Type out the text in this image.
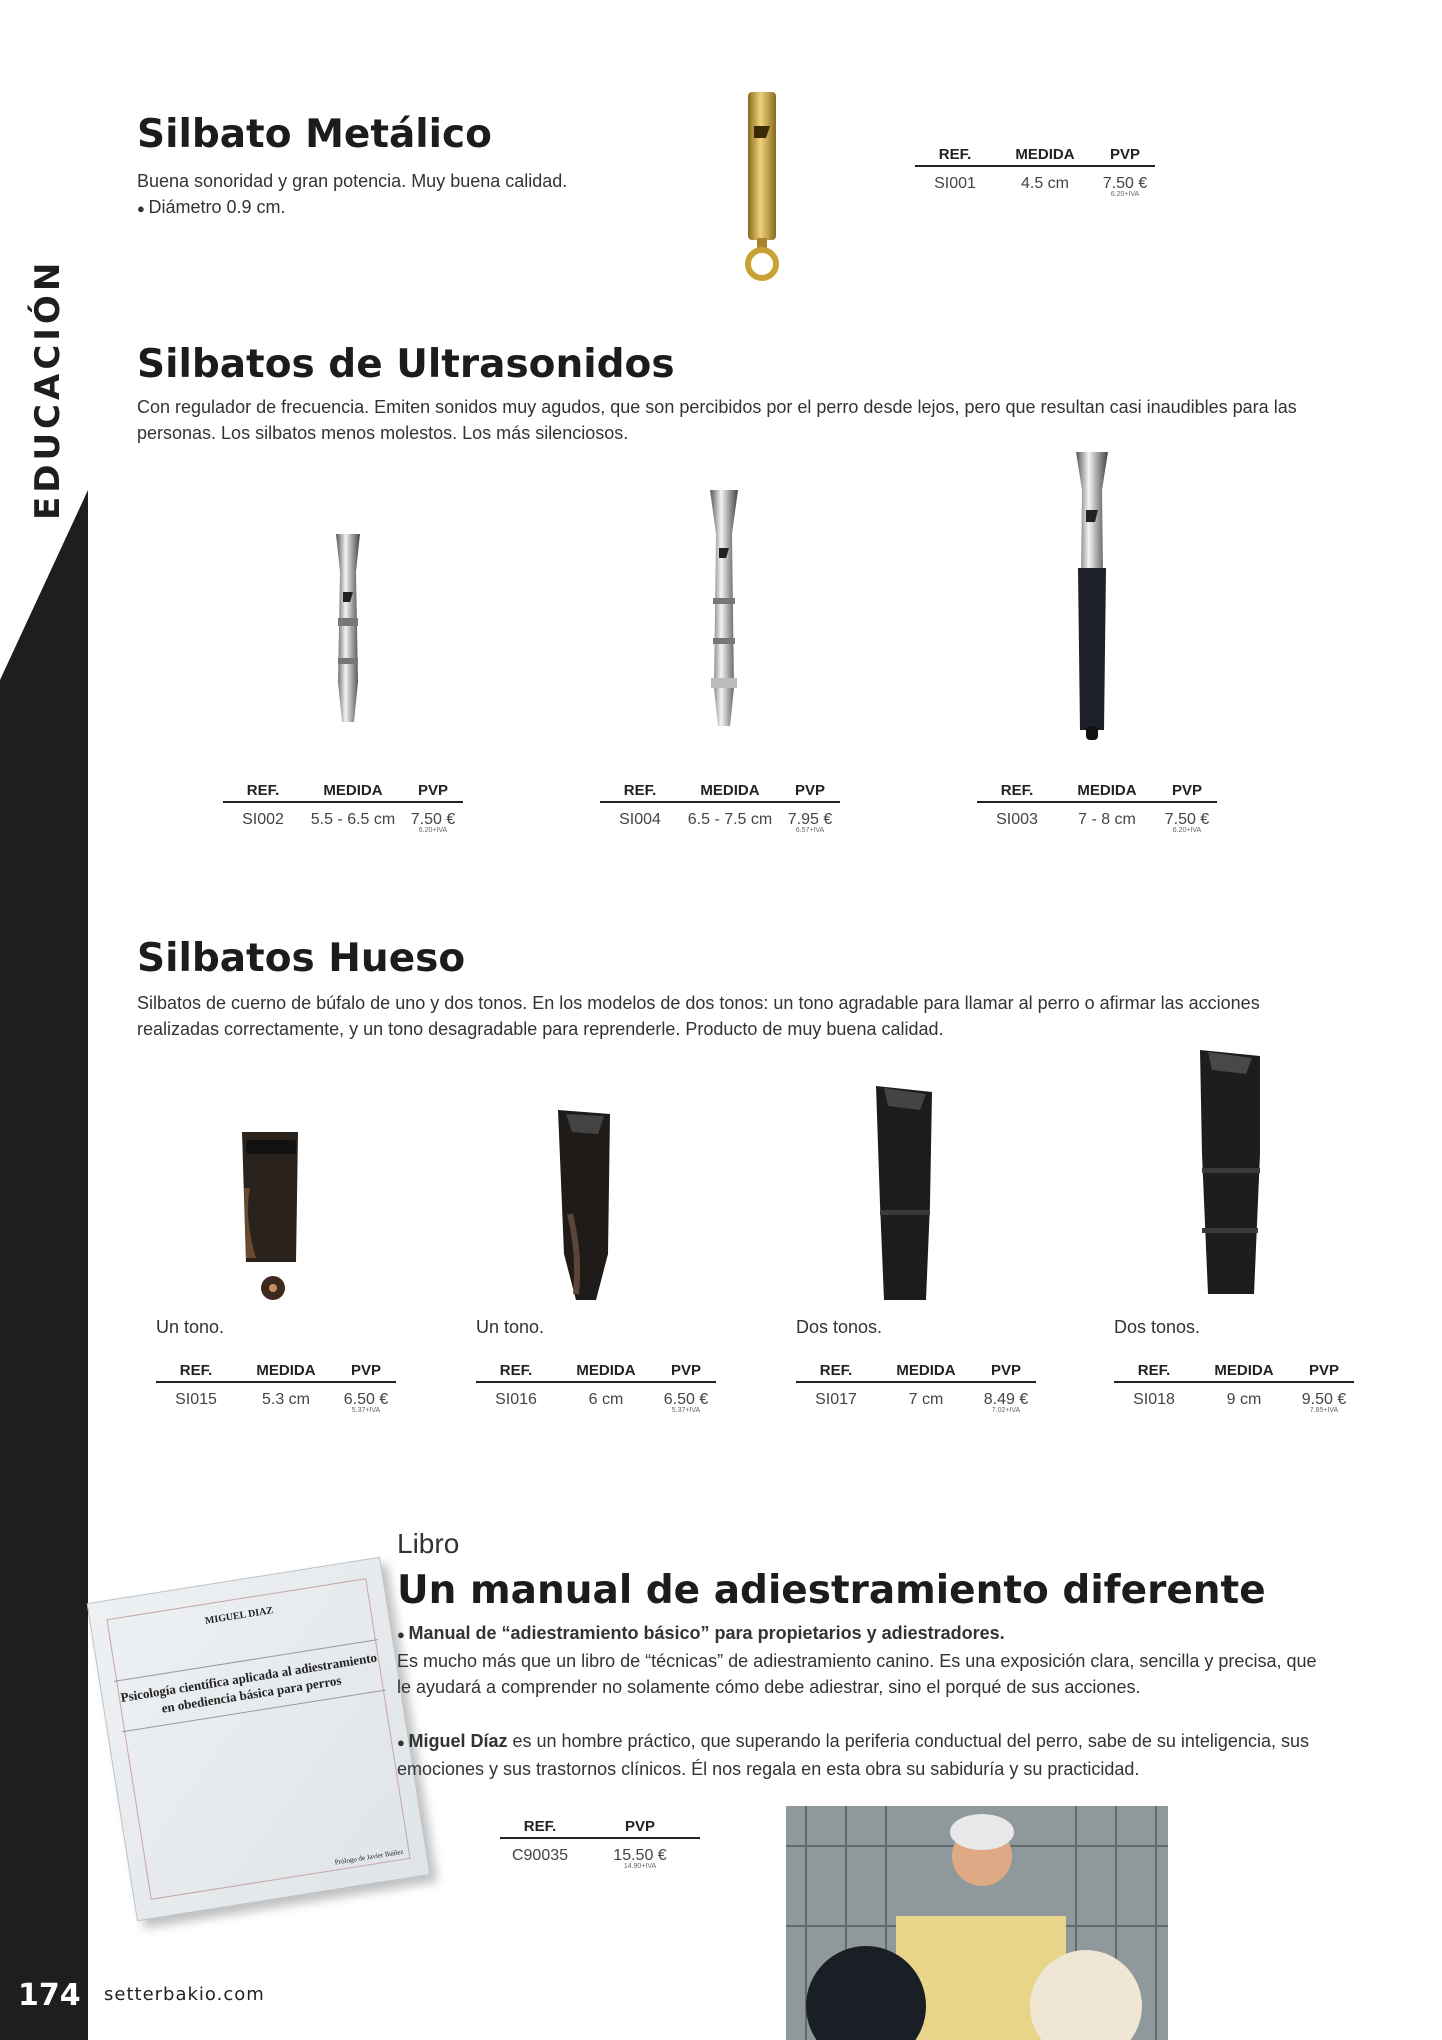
EDUCACIÓN
174 setterbakio.com
Silbato Metálico
Buena sonoridad y gran potencia. Muy buena calidad.
● Diámetro 0.9 cm.
REF.	MEDIDA	PVP
SI001	4.5 cm	7.50 €
6.20+IVA
Silbatos de Ultrasonidos
Con regulador de frecuencia. Emiten sonidos muy agudos, que son percibidos por el perro desde lejos, pero que resultan casi inaudibles para las personas. Los silbatos menos molestos. Los más silenciosos.
REF.	MEDIDA	PVP
SI002	5.5 - 6.5 cm 7.50 €
6.20+IVA
REF.	MEDIDA	PVP
SI004	6.5 - 7.5 cm 7.95 €
6.57+IVA
REF.	MEDIDA	PVP
SI003	7 - 8 cm	7.50 €
6.20+IVA
Silbatos Hueso
Silbatos de cuerno de búfalo de uno y dos tonos. En los modelos de dos tonos: un tono agradable para llamar al perro o afirmar las acciones realizadas correctamente, y un tono desagradable para reprenderle. Producto de muy buena calidad.
Un tono.	Un tono.	Dos tonos.	Dos tonos.
REF.	MEDIDA	PVP
SI015	5.3 cm	6.50 €
5.37+IVA
REF.	MEDIDA	PVP
SI016	6 cm	6.50 €
5.37+IVA
REF.	MEDIDA	PVP
SI017	7 cm	8.49 €
7.02+IVA
REF.	MEDIDA	PVP
SI018	9 cm	9.50 €
7.85+IVA
MIGUEL DIAZ
Psicología científica aplicada al adiestramiento en obediencia básica para perros
Prólogo de Javier Ibáñez
Libro
Un manual de adiestramiento diferente
● Manual de “adiestramiento básico” para propietarios y adiestradores.
Es mucho más que un libro de “técnicas” de adiestramiento canino. Es una exposición clara, sencilla y precisa, que le ayudará a comprender no solamente cómo debe adiestrar, sino el porqué de sus acciones.
● Miguel Díaz es un hombre práctico, que superando la periferia conductual del perro, sabe de su inteligencia, sus emociones y sus trastornos clínicos. Él nos regala en esta obra su sabiduría y su practicidad.
REF.	PVP
C90035	15.50 €
14.90+IVA
